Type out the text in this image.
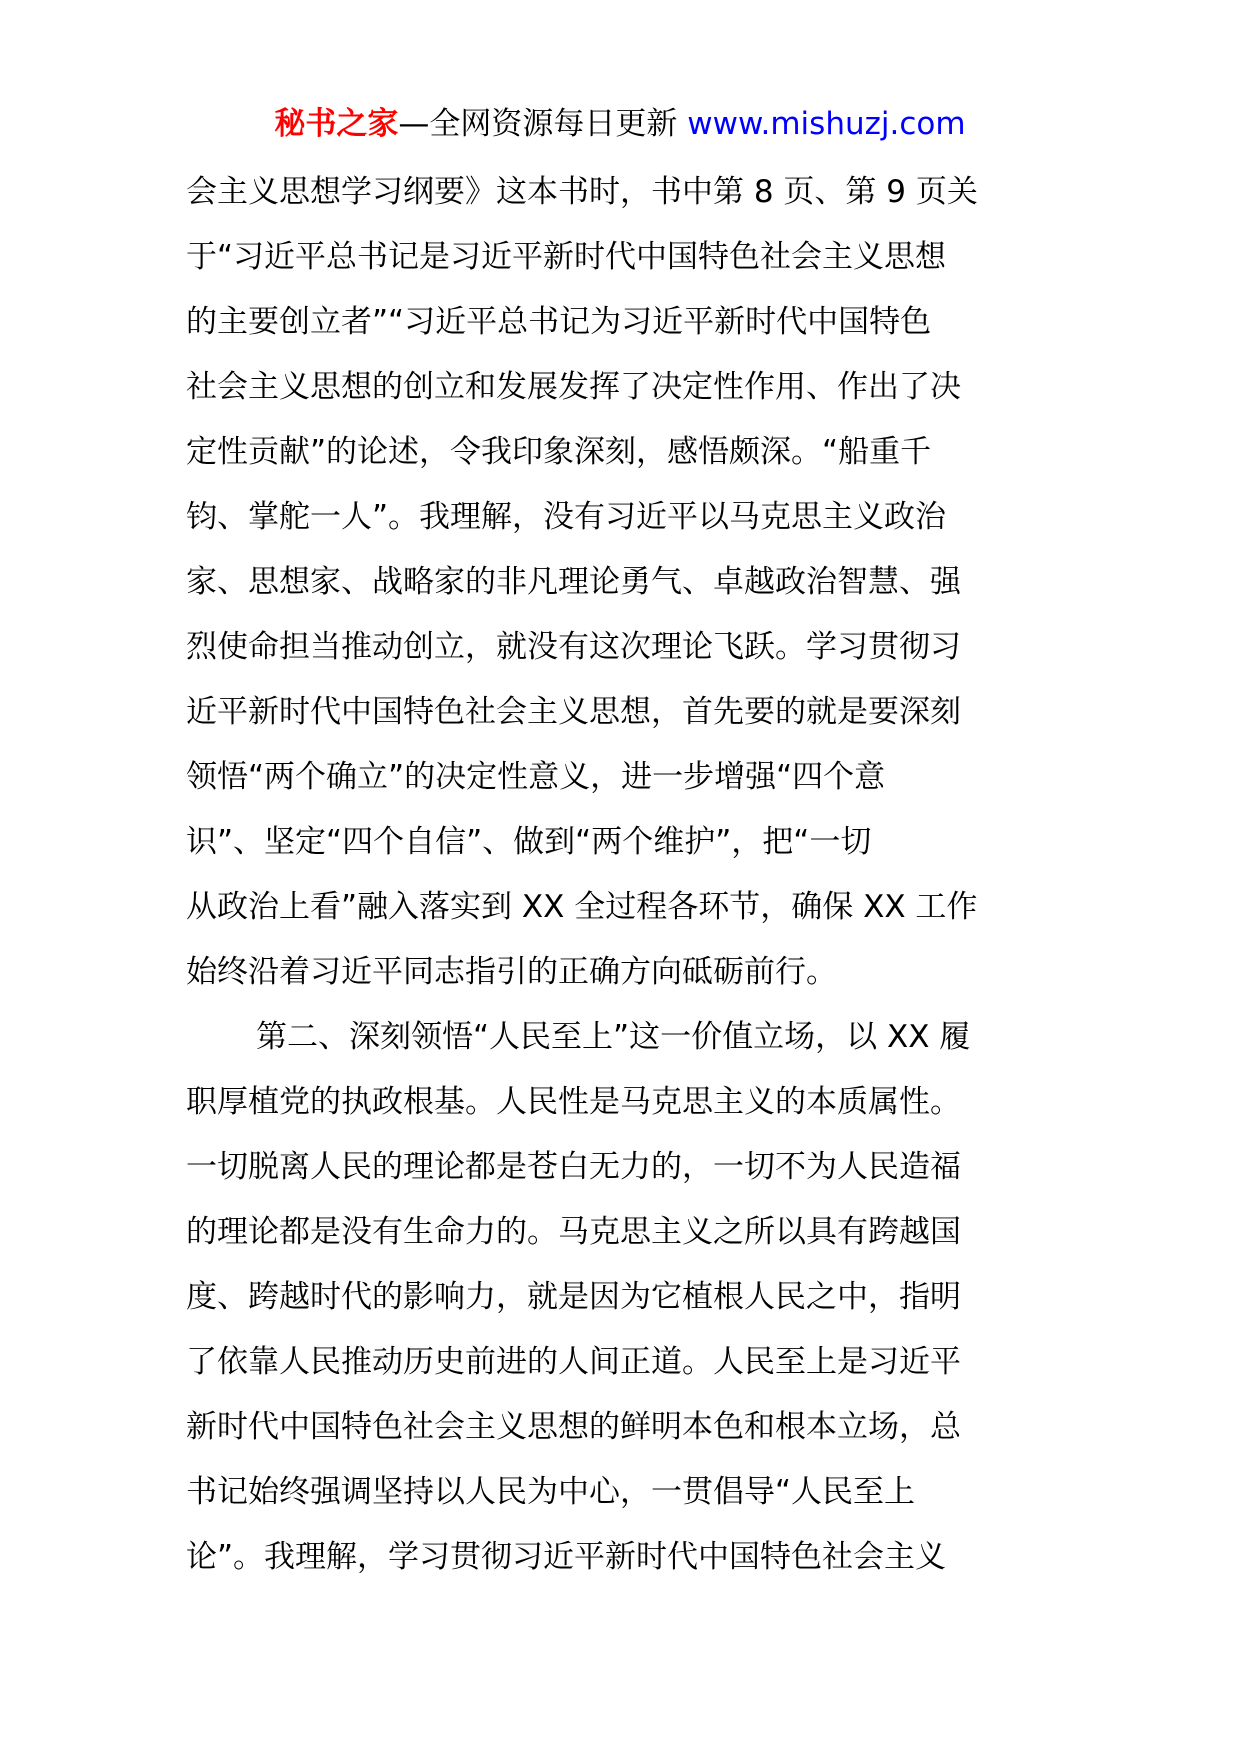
秘书之家—全网资源每日更新 www.mishuzj.com
会主义思想学习纲要》这本书时，书中第 8 页、第 9 页关
于“习近平总书记是习近平新时代中国特色社会主义思想
的主要创立者”“习近平总书记为习近平新时代中国特色
社会主义思想的创立和发展发挥了决定性作用、作出了决
定性贡献”的论述，令我印象深刻，感悟颇深。“船重千
钧、掌舵一人”。我理解，没有习近平以马克思主义政治
家、思想家、战略家的非凡理论勇气、卓越政治智慧、强
烈使命担当推动创立，就没有这次理论飞跃。学习贯彻习
近平新时代中国特色社会主义思想，首先要的就是要深刻
领悟“两个确立”的决定性意义，进一步增强“四个意
识”、坚定“四个自信”、做到“两个维护”，把“一切
从政治上看”融入落实到 XX 全过程各环节，确保 XX 工作
始终沿着习近平同志指引的正确方向砥砺前行。
第二、深刻领悟“人民至上”这一价值立场，以 XX 履
职厚植党的执政根基。人民性是马克思主义的本质属性。
一切脱离人民的理论都是苍白无力的，一切不为人民造福
的理论都是没有生命力的。马克思主义之所以具有跨越国
度、跨越时代的影响力，就是因为它植根人民之中，指明
了依靠人民推动历史前进的人间正道。人民至上是习近平
新时代中国特色社会主义思想的鲜明本色和根本立场，总
书记始终强调坚持以人民为中心，一贯倡导“人民至上
论”。我理解，学习贯彻习近平新时代中国特色社会主义
